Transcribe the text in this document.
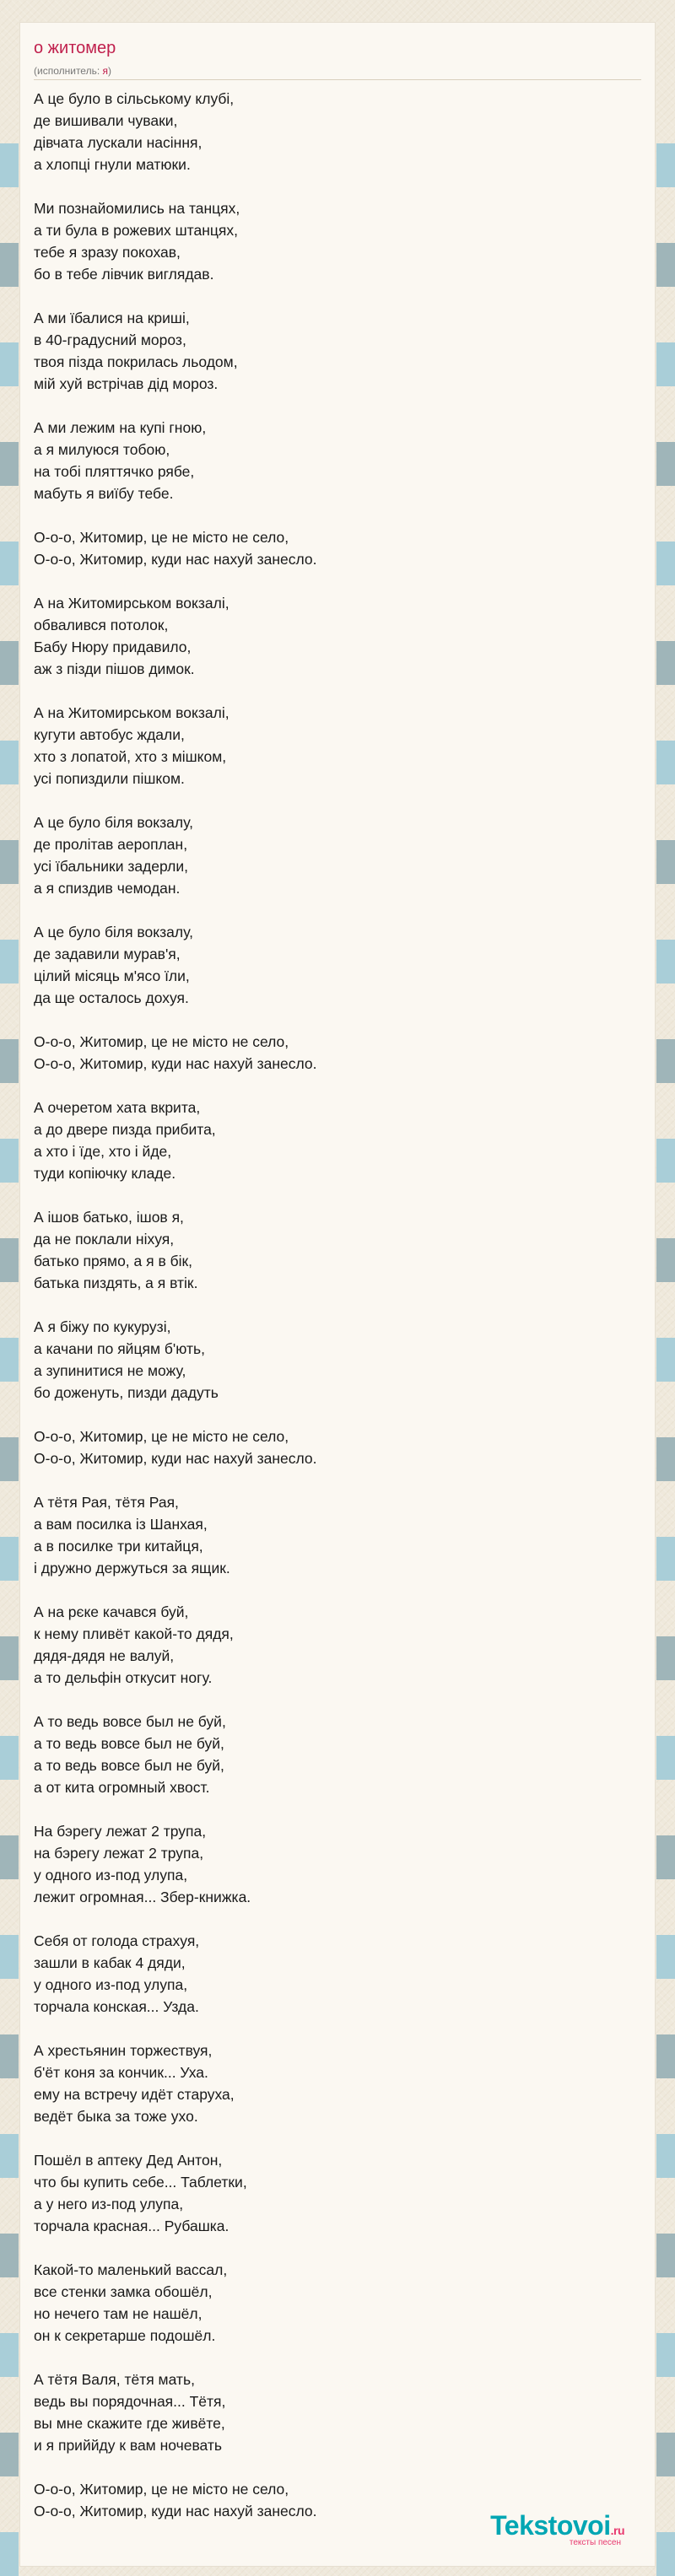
о житомер
(исполнитель: я)
А це було в сільському клубі,
де вишивали чуваки,
дівчата лускали насіння,
а хлопці гнули матюки.
Ми познайомились на танцях,
а ти була в рожевих штанцях,
тебе я зразу покохав,
бо в тебе лівчик виглядав.
А ми їбалися на криші,
в 40-градусний мороз,
твоя пізда покрилась льодом,
мій хуй встрічав дід мороз.
А ми лежим на купі гною,
а я милуюся тобою,
на тобі пляттячко рябе,
мабуть я виїбу тебе.
О-о-о, Житомир, це не місто не село,
О-о-о, Житомир, куди нас нахуй занесло.
А на Житомирськом вокзалі,
обвалився потолок,
Бабу Нюру придавило,
аж з пізди пішов димок.
А на Житомирськом вокзалі,
кугути автобус ждали,
хто з лопатой, хто з мішком,
усі попиздили пішком.
А це було біля вокзалу,
де пролітав аероплан,
усі їбальники задерли,
а я спиздив чемодан.
А це було біля вокзалу,
де задавили мурав'я,
цілий місяць м'ясо їли,
да ще осталось дохуя.
О-о-о, Житомир, це не місто не село,
О-о-о, Житомир, куди нас нахуй занесло.
А очеретом хата вкрита,
а до двере пизда прибита,
а хто і їде, хто і йде,
туди копіючку кладе.
А ішов батько, ішов я,
да не поклали ніхуя,
батько прямо, а я в бік,
батька пиздять, а я втік.
А я біжу по кукурузі,
а качани по яйцям б'ють,
а зупинитися не можу,
бо доженуть, пизди дадуть
О-о-о, Житомир, це не місто не село,
О-о-о, Житомир, куди нас нахуй занесло.
А тётя Рая, тётя Рая,
а вам посилка із Шанхая,
а в посилке три китайця,
і дружно держуться за ящик.
А на рєке качався буй,
к нему пливёт какой-то дядя,
дядя-дядя не валуй,
а то дельфін откусит ногу.
А то ведь вовсе был не буй,
а то ведь вовсе был не буй,
а то ведь вовсе был не буй,
а от кита огромный хвост.
На бэрегу лежат 2 трупа,
на бэрегу лежат 2 трупа,
у одного из-под улупа,
лежит огромная... Збер-книжка.
Себя от голода страхуя,
зашли в кабак 4 дяди,
у одного из-под улупа,
торчала конская... Узда.
А хрестьянин торжествуя,
б'ёт коня за кончик... Уха.
ему на встречу идёт старуха,
ведёт быка за тоже ухо.
Пошёл в аптеку Дед Антон,
что бы купить себе... Таблетки,
а у него из-под улупа,
торчала красная... Рубашка.
Какой-то маленький вассал,
все стенки замка обошёл,
но нечего там не нашёл,
он к секретарше подошёл.
А тётя Валя, тётя мать,
ведь вы порядочная... Тётя,
вы мне скажите где живёте,
и я приййду к вам ночевать
О-о-о, Житомир, це не місто не село,
О-о-о, Житомир, куди нас нахуй занесло.	Tekstovoi.ru
тексты песен
